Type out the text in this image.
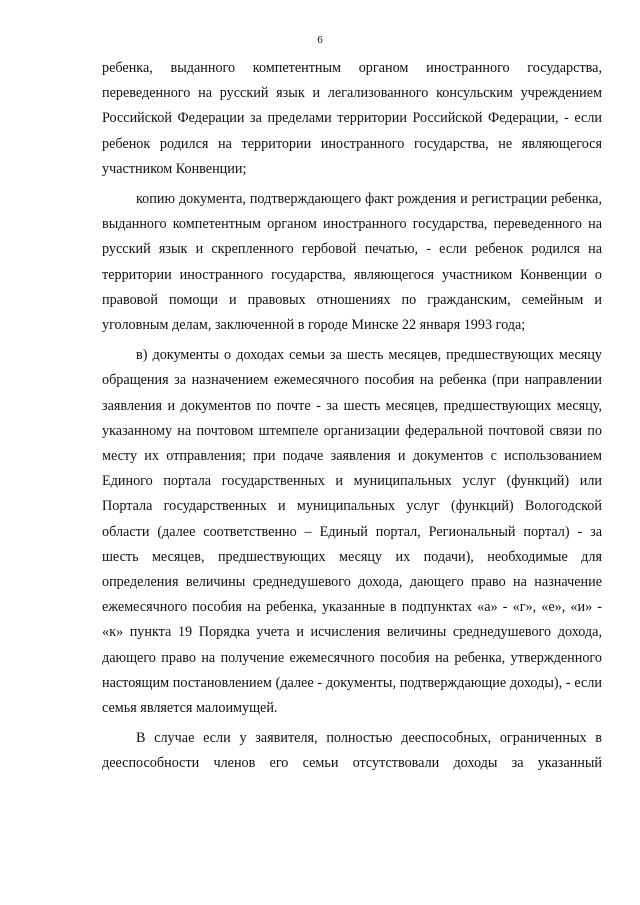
6

ребенка, выданного компетентным органом иностранного государства, переведенного на русский язык и легализованного консульским учреждением Российской Федерации за пределами территории Российской Федерации, - если ребенок родился на территории иностранного государства, не являющегося участником Конвенции;

копию документа, подтверждающего факт рождения и регистрации ребенка, выданного компетентным органом иностранного государства, переведенного на русский язык и скрепленного гербовой печатью, - если ребенок родился на территории иностранного государства, являющегося участником Конвенции о правовой помощи и правовых отношениях по гражданским, семейным и уголовным делам, заключенной в городе Минске 22 января 1993 года;

в) документы о доходах семьи за шесть месяцев, предшествующих месяцу обращения за назначением ежемесячного пособия на ребенка (при направлении заявления и документов по почте - за шесть месяцев, предшествующих месяцу, указанному на почтовом штемпеле организации федеральной почтовой связи по месту их отправления; при подаче заявления и документов с использованием Единого портала государственных и муниципальных услуг (функций) или Портала государственных и муниципальных услуг (функций) Вологодской области (далее соответственно – Единый портал, Региональный портал) - за шесть месяцев, предшествующих месяцу их подачи), необходимые для определения величины среднедушевого дохода, дающего право на назначение ежемесячного пособия на ребенка, указанные в подпунктах «а» - «г», «е», «и» - «к» пункта 19 Порядка учета и исчисления величины среднедушевого дохода, дающего право на получение ежемесячного пособия на ребенка, утвержденного настоящим постановлением (далее - документы, подтверждающие доходы), - если семья является малоимущей.

В случае если у заявителя, полностью дееспособных, ограниченных в дееспособности членов его семьи отсутствовали доходы за указанный
